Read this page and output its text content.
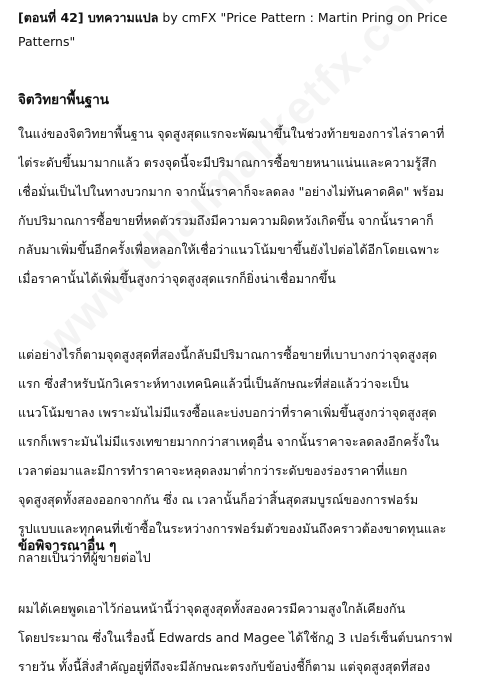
[ตอนที่ 42] บทความแปล by cmFX "Price Pattern : Martin Pring on Price Patterns"

จิตวิทยาพื้นฐาน

ในแง่ของจิตวิทยาพื้นฐาน จุดสูงสุดแรกจะพัฒนาขึ้นในช่วงท้ายของการไล่ราคาที่
ไต่ระดับขึ้นมามากแล้ว ตรงจุดนี้จะมีปริมาณการซื้อขายหนาแน่นและความรู้สึก
เชื่อมั่นเป็นไปในทางบวกมาก จากนั้นราคาก็จะลดลง "อย่างไม่ทันคาดคิด" พร้อม
กับปริมาณการซื้อขายที่หดตัวรวมถึงมีความความผิดหวังเกิดขึ้น จากนั้นราคาก็
กลับมาเพิ่มขึ้นอีกครั้งเพื่อหลอกให้เชื่อว่าแนวโน้มขาขึ้นยังไปต่อได้อีกโดยเฉพาะ
เมื่อราคานั้นได้เพิ่มขึ้นสูงกว่าจุดสูงสุดแรกก็ยิ่งน่าเชื่อมากขึ้น

แต่อย่างไรก็ตามจุดสูงสุดที่สองนี้กลับมีปริมาณการซื้อขายที่เบาบางกว่าจุดสูงสุด
แรก ซึ่งสำหรับนักวิเคราะห์ทางเทคนิคแล้วนี่เป็นลักษณะที่ส่อแล้วว่าจะเป็น
แนวโน้มขาลง เพราะมันไม่มีแรงซื้อและบ่งบอกว่าที่ราคาเพิ่มขึ้นสูงกว่าจุดสูงสุด
แรกก็เพราะมันไม่มีแรงเทขายมากกว่าสาเหตุอื่น จากนั้นราคาจะลดลงอีกครั้งใน
เวลาต่อมาและมีการทำราคาจะหลุดลงมาต่ำกว่าระดับของร่องราคาที่แยก
จุดสูงสุดทั้งสองออกจากกัน ซึ่ง ณ เวลานั้นก็อว่าสิ้นสุดสมบูรณ์ของการฟอร์ม
รูปแบบและทุกคนที่เข้าซื้อในระหว่างการฟอร์มตัวของมันถึงคราวต้องขาดทุนและ
กลายเป็นว่าที่ผู้ขายต่อไป

ข้อพิจารณาอื่น ๆ

ผมได้เคยพูดเอาไว้ก่อนหน้านี้ว่าจุดสูงสุดทั้งสองควรมีความสูงใกล้เคียงกัน
โดยประมาณ ซึ่งในเรื่องนี้ Edwards and Magee ได้ใช้กฎ 3 เปอร์เซ็นต์บนกราฟ
รายวัน ทั้งนี้สิ่งสำคัญอยู่ที่ถึงจะมีลักษณะตรงกับข้อบ่งชี้ก็ตาม แต่จุดสูงสุดที่สอง
